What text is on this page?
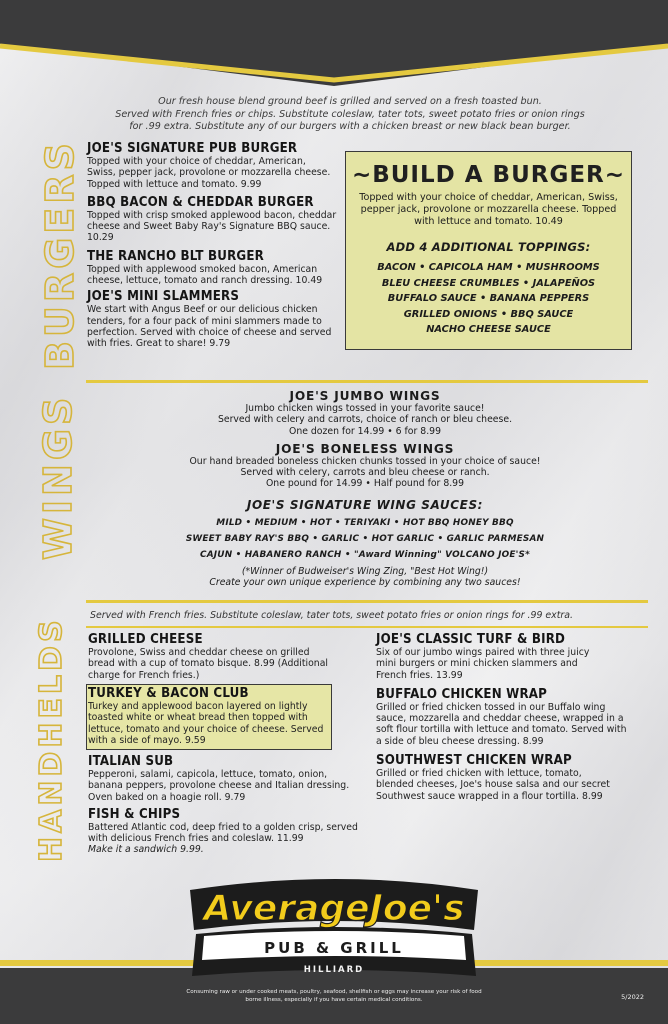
Our fresh house blend ground beef is grilled and served on a fresh toasted bun.
Served with French fries or chips. Substitute coleslaw, tater tots, sweet potato fries or onion rings
for .99 extra. Substitute any of our burgers with a chicken breast or new black bean burger.
BURGERS
WINGS
HANDHELDS
JOE'S SIGNATURE PUB BURGER
Topped with your choice of cheddar, American, Swiss, pepper jack, provolone or mozzarella cheese. Topped with lettuce and tomato. 9.99
BBQ BACON & CHEDDAR BURGER
Topped with crisp smoked applewood bacon, cheddar cheese and Sweet Baby Ray's Signature BBQ sauce. 10.29
THE RANCHO BLT BURGER
Topped with applewood smoked bacon, American cheese, lettuce, tomato and ranch dressing. 10.49
JOE'S MINI SLAMMERS
We start with Angus Beef or our delicious chicken tenders, for a four pack of mini slammers made to perfection. Served with choice of cheese and served with fries. Great to share! 9.79
~BUILD A BURGER~
Topped with your choice of cheddar, American, Swiss, pepper jack, provolone or mozzarella cheese. Topped with lettuce and tomato. 10.49
ADD 4 ADDITIONAL TOPPINGS:
BACON • CAPICOLA HAM • MUSHROOMS
BLEU CHEESE CRUMBLES • JALAPEÑOS
BUFFALO SAUCE • BANANA PEPPERS
GRILLED ONIONS • BBQ SAUCE
NACHO CHEESE SAUCE
JOE'S JUMBO WINGS
Jumbo chicken wings tossed in your favorite sauce!
Served with celery and carrots, choice of ranch or bleu cheese.
One dozen for 14.99 • 6 for 8.99
JOE'S BONELESS WINGS
Our hand breaded boneless chicken chunks tossed in your choice of sauce!
Served with celery, carrots and bleu cheese or ranch.
One pound for 14.99 • Half pound for 8.99
JOE'S SIGNATURE WING SAUCES:
MILD • MEDIUM • HOT • TERIYAKI • HOT BBQ HONEY BBQ
SWEET BABY RAY'S BBQ • GARLIC • HOT GARLIC • GARLIC PARMESAN
CAJUN • HABANERO RANCH • "Award Winning" VOLCANO JOE'S*
(*Winner of Budweiser's Wing Zing, "Best Hot Wing!)
Create your own unique experience by combining any two sauces!
Served with French fries. Substitute coleslaw, tater tots, sweet potato fries or onion rings for .99 extra.
GRILLED CHEESE
Provolone, Swiss and cheddar cheese on grilled bread with a cup of tomato bisque. 8.99 (Additional charge for French fries.)
TURKEY & BACON CLUB
Turkey and applewood bacon layered on lightly toasted white or wheat bread then topped with lettuce, tomato and your choice of cheese. Served with a side of mayo. 9.59
ITALIAN SUB
Pepperoni, salami, capicola, lettuce, tomato, onion, banana peppers, provolone cheese and Italian dressing. Oven baked on a hoagie roll. 9.79
FISH & CHIPS
Battered Atlantic cod, deep fried to a golden crisp, served with delicious French fries and coleslaw. 11.99
Make it a sandwich 9.99.
JOE'S CLASSIC TURF & BIRD
Six of our jumbo wings paired with three juicy mini burgers or mini chicken slammers and French fries. 13.99
BUFFALO CHICKEN WRAP
Grilled or fried chicken tossed in our Buffalo wing sauce, mozzarella and cheddar cheese, wrapped in a soft flour tortilla with lettuce and tomato. Served with a side of bleu cheese dressing. 8.99
SOUTHWEST CHICKEN WRAP
Grilled or fried chicken with lettuce, tomato, blended cheeses, Joe's house salsa and our secret Southwest sauce wrapped in a flour tortilla. 8.99
AverageJoe's
PUB & GRILL
HILLIARD
Consuming raw or under cooked meats, poultry, seafood, shellfish or eggs may increase your risk of food borne illness, especially if you have certain medical conditions.	5/2022
